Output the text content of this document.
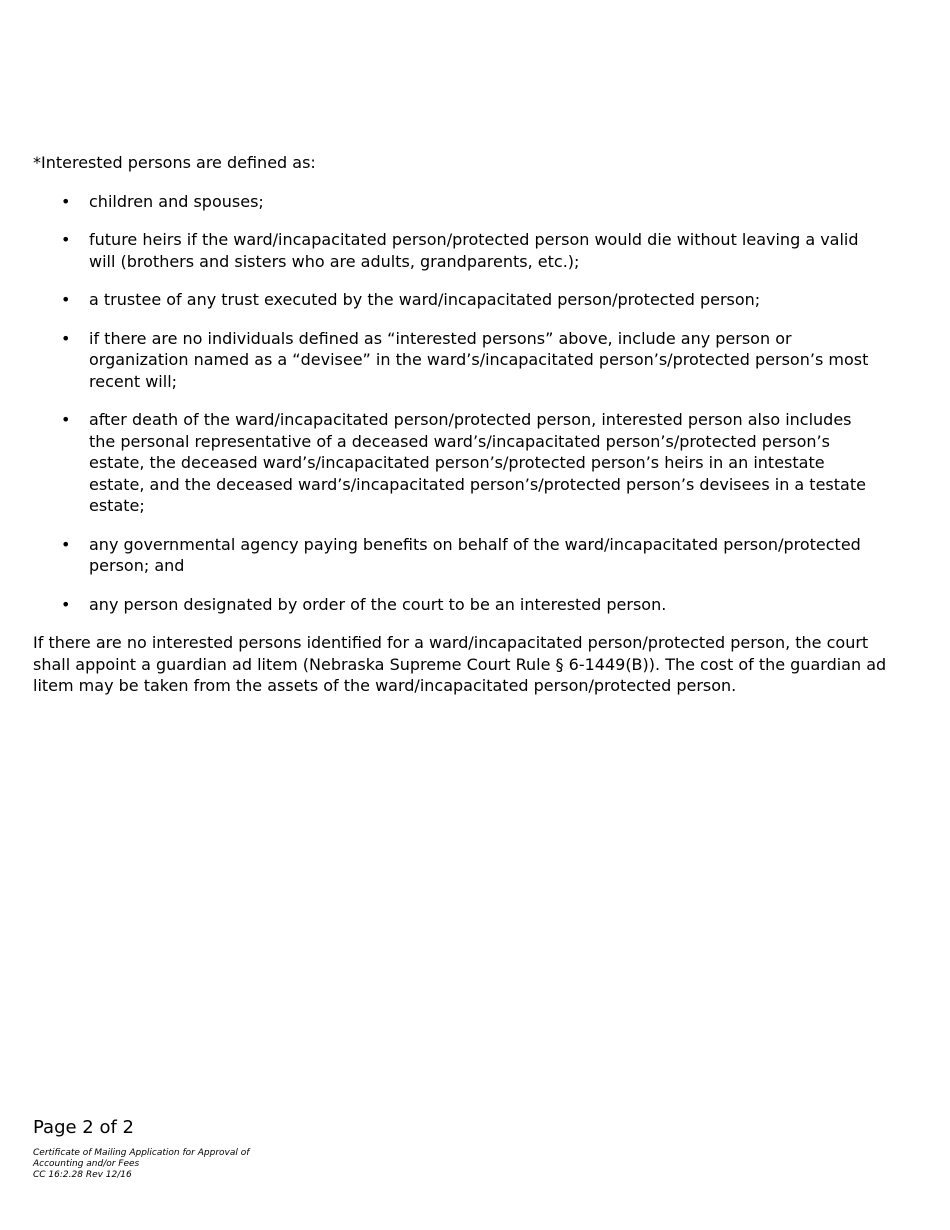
*Interested persons are defined as:

• children and spouses;
• future heirs if the ward/incapacitated person/protected person would die without leaving a valid will (brothers and sisters who are adults, grandparents, etc.);
• a trustee of any trust executed by the ward/incapacitated person/protected person;
• if there are no individuals defined as “interested persons” above, include any person or organization named as a “devisee” in the ward’s/incapacitated person’s/protected person’s most recent will;
• after death of the ward/incapacitated person/protected person, interested person also includes the personal representative of a deceased ward’s/incapacitated person’s/protected person’s estate, the deceased ward’s/incapacitated person’s/protected person’s heirs in an intestate estate, and the deceased ward’s/incapacitated person’s/protected person’s devisees in a testate estate;
• any governmental agency paying benefits on behalf of the ward/incapacitated person/protected person; and
• any person designated by order of the court to be an interested person.

If there are no interested persons identified for a ward/incapacitated person/protected person, the court shall appoint a guardian ad litem (Nebraska Supreme Court Rule § 6-1449(B)). The cost of the guardian ad litem may be taken from the assets of the ward/incapacitated person/protected person.

Page 2 of 2
Certificate of Mailing Application for Approval of
Accounting and/or Fees
CC 16:2.28 Rev 12/16
